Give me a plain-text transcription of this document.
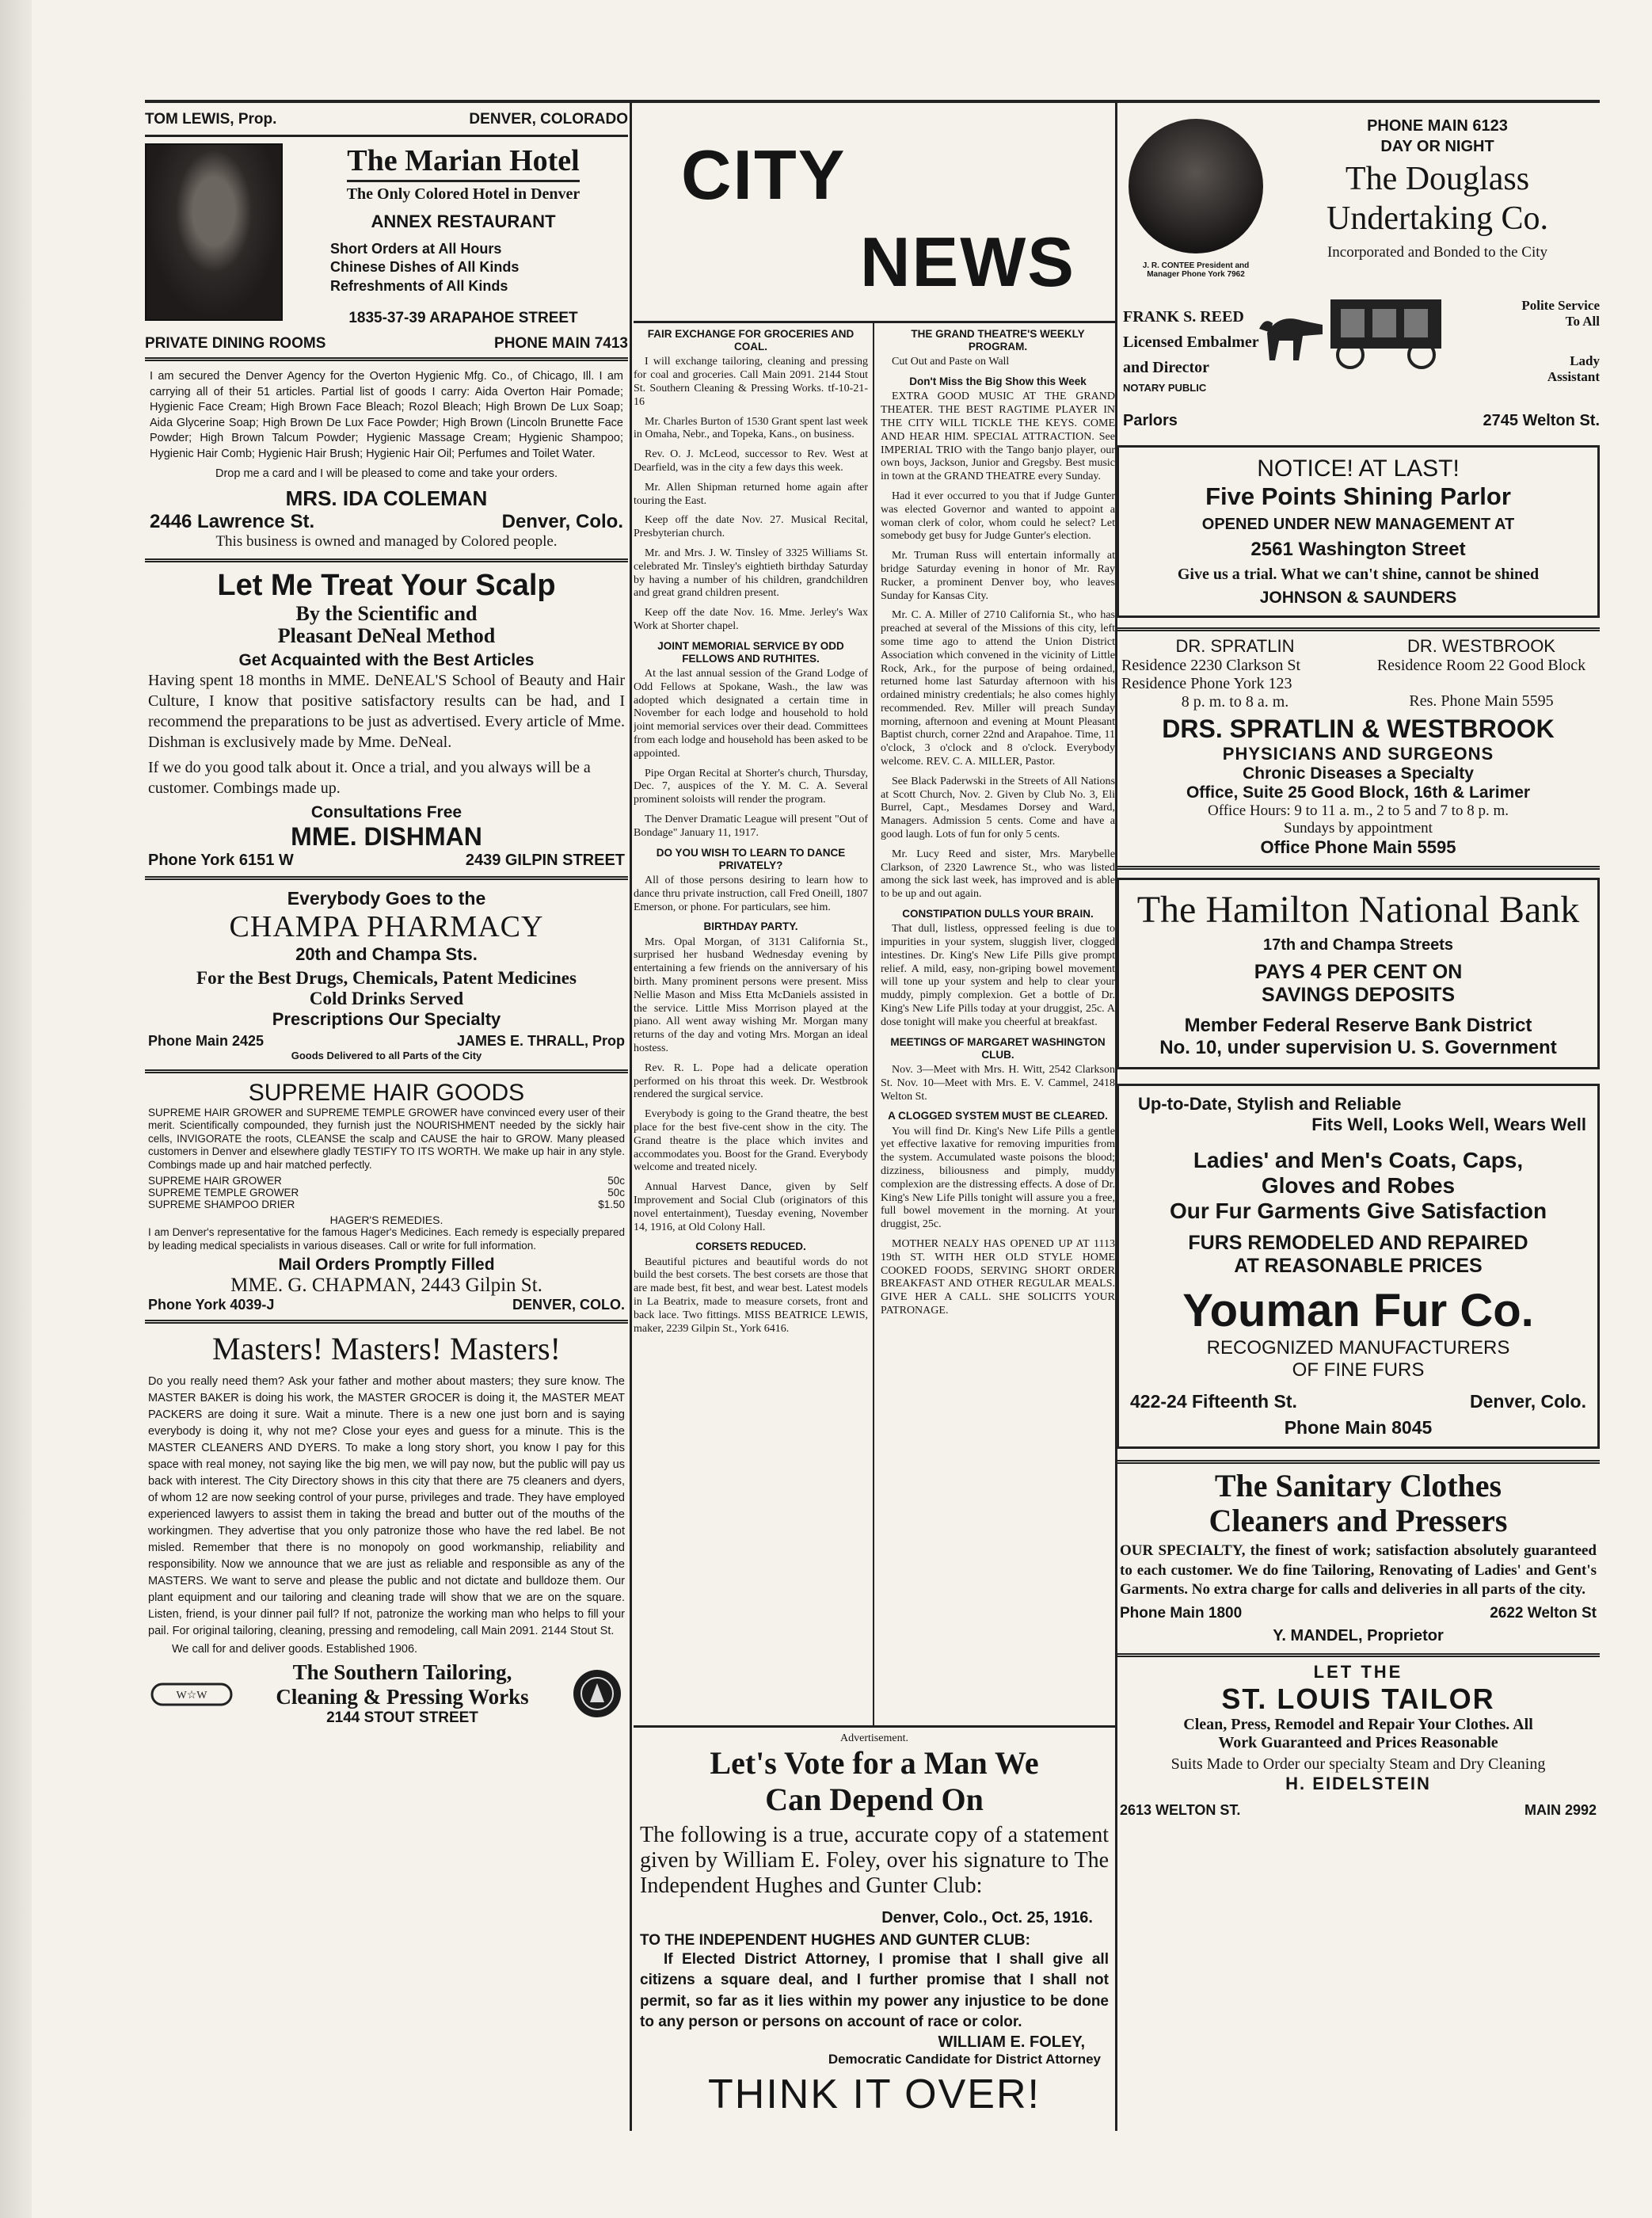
TOM LEWIS, Prop.	DENVER, COLORADO
The Marian Hotel
The Only Colored Hotel in Denver
ANNEX RESTAURANT
Short Orders at All Hours
Chinese Dishes of All Kinds
Refreshments of All Kinds
1835-37-39 ARAPAHOE STREET
PRIVATE DINING ROOMS	PHONE MAIN 7413
I am secured the Denver Agency for the Overton Hygienic Mfg. Co., of Chicago, Ill. I am carrying all of their 51 articles. Partial list of goods I carry: Aida Overton Hair Pomade; Hygienic Face Cream; High Brown Face Bleach; Rozol Bleach; High Brown De Lux Soap; Aida Glycerine Soap; High Brown De Lux Face Powder; High Brown (Lincoln Brunette Face Powder; High Brown Talcum Powder; Hygienic Massage Cream; Hygienic Shampoo; Hygienic Hair Comb; Hygienic Hair Brush; Hygienic Hair Oil; Perfumes and Toilet Water.
Drop me a card and I will be pleased to come and take your orders.
MRS. IDA COLEMAN
2446 Lawrence St.	Denver, Colo.
This business is owned and managed by Colored people.
Let Me Treat Your Scalp
By the Scientific and
Pleasant DeNeal Method
Get Acquainted with the Best Articles
Having spent 18 months in MME. DeNEAL'S School of Beauty and Hair Culture, I know that positive satisfactory results can be had, and I recommend the preparations to be just as advertised. Every article of Mme. Dishman is exclusively made by Mme. DeNeal.
If we do you good talk about it. Once a trial, and you always will be a customer. Combings made up.
Consultations Free
MME. DISHMAN
Phone York 6151 W	2439 GILPIN STREET
Everybody Goes to the
CHAMPA PHARMACY
20th and Champa Sts.
For the Best Drugs, Chemicals, Patent Medicines
Cold Drinks Served
Prescriptions Our Specialty
Phone Main 2425	JAMES E. THRALL, Prop
Goods Delivered to all Parts of the City
SUPREME HAIR GOODS
SUPREME HAIR GROWER and SUPREME TEMPLE GROWER have convinced every user of their merit. Scientifically compounded, they furnish just the NOURISHMENT needed by the sickly hair cells, INVIGORATE the roots, CLEANSE the scalp and CAUSE the hair to GROW. Many pleased customers in Denver and elsewhere gladly TESTIFY TO ITS WORTH. We make up hair in any style. Combings made up and hair matched perfectly.
SUPREME HAIR GROWER	50c
SUPREME TEMPLE GROWER	50c
SUPREME SHAMPOO DRIER	$1.50
HAGER'S REMEDIES.
I am Denver's representative for the famous Hager's Medicines. Each remedy is especially prepared by leading medical specialists in various diseases. Call or write for full information.
Mail Orders Promptly Filled
MME. G. CHAPMAN, 2443 Gilpin St.
Phone York 4039-J	DENVER, COLO.
Masters! Masters! Masters!
Do you really need them? Ask your father and mother about masters; they sure know. The MASTER BAKER is doing his work, the MASTER GROCER is doing it, the MASTER MEAT PACKERS are doing it sure. Wait a minute. There is a new one just born and is saying everybody is doing it, why not me? Close your eyes and guess for a minute. This is the MASTER CLEANERS AND DYERS. To make a long story short, you know I pay for this space with real money, not saying like the big men, we will pay now, but the public will pay us back with interest. The City Directory shows in this city that there are 75 cleaners and dyers, of whom 12 are now seeking control of your purse, privileges and trade. They have employed experienced lawyers to assist them in taking the bread and butter out of the mouths of the workingmen. They advertise that you only patronize those who have the red label. Be not misled. Remember that there is no monopoly on good workmanship, reliability and responsibility. Now we announce that we are just as reliable and responsible as any of the MASTERS. We want to serve and please the public and not dictate and bulldoze them. Our plant equipment and our tailoring and cleaning trade will show that we are on the square. Listen, friend, is your dinner pail full? If not, patronize the working man who helps to fill your pail. For original tailoring, cleaning, pressing and remodeling, call Main 2091. 2144 Stout St.
We call for and deliver goods. Established 1906.
W☆W
The Southern Tailoring,
Cleaning & Pressing Works
2144 STOUT STREET
CITY
NEWS
FAIR EXCHANGE FOR GROCERIES AND COAL.
I will exchange tailoring, cleaning and pressing for coal and groceries. Call Main 2091. 2144 Stout St. Southern Cleaning & Pressing Works. tf-10-21-16
Mr. Charles Burton of 1530 Grant spent last week in Omaha, Nebr., and Topeka, Kans., on business.
Rev. O. J. McLeod, successor to Rev. West at Dearfield, was in the city a few days this week.
Mr. Allen Shipman returned home again after touring the East.
Keep off the date Nov. 27. Musical Recital, Presbyterian church.
Mr. and Mrs. J. W. Tinsley of 3325 Williams St. celebrated Mr. Tinsley's eightieth birthday Saturday by having a number of his children, grandchildren and great grand children present.
Keep off the date Nov. 16. Mme. Jerley's Wax Work at Shorter chapel.
JOINT MEMORIAL SERVICE BY ODD FELLOWS AND RUTHITES.
At the last annual session of the Grand Lodge of Odd Fellows at Spokane, Wash., the law was adopted which designated a certain time in November for each lodge and household to hold joint memorial services over their dead. Committees from each lodge and household has been asked to be appointed.
Pipe Organ Recital at Shorter's church, Thursday, Dec. 7, auspices of the Y. M. C. A. Several prominent soloists will render the program.
The Denver Dramatic League will present "Out of Bondage" January 11, 1917.
DO YOU WISH TO LEARN TO DANCE PRIVATELY?
All of those persons desiring to learn how to dance thru private instruction, call Fred Oneill, 1807 Emerson, or phone. For particulars, see him.
BIRTHDAY PARTY.
Mrs. Opal Morgan, of 3131 California St., surprised her husband Wednesday evening by entertaining a few friends on the anniversary of his birth. Many prominent persons were present. Miss Nellie Mason and Miss Etta McDaniels assisted in the service. Little Miss Morrison played at the piano. All went away wishing Mr. Morgan many returns of the day and voting Mrs. Morgan an ideal hostess.
Rev. R. L. Pope had a delicate operation performed on his throat this week. Dr. Westbrook rendered the surgical service.
Everybody is going to the Grand theatre, the best place for the best five-cent show in the city. The Grand theatre is the place which invites and accommodates you. Boost for the Grand. Everybody welcome and treated nicely.
Annual Harvest Dance, given by Self Improvement and Social Club (originators of this novel entertainment), Tuesday evening, November 14, 1916, at Old Colony Hall.
CORSETS REDUCED.
Beautiful pictures and beautiful words do not build the best corsets. The best corsets are those that are made best, fit best, and wear best. Latest models in La Beatrix, made to measure corsets, front and back lace. Two fittings. MISS BEATRICE LEWIS, maker, 2239 Gilpin St., York 6416.
THE GRAND THEATRE'S WEEKLY PROGRAM.
Cut Out and Paste on Wall
Don't Miss the Big Show this Week
EXTRA GOOD MUSIC AT THE GRAND THEATER. THE BEST RAGTIME PLAYER IN THE CITY WILL TICKLE THE KEYS. COME AND HEAR HIM. SPECIAL ATTRACTION. See IMPERIAL TRIO with the Tango banjo player, our own boys, Jackson, Junior and Gregsby. Best music in town at the GRAND THEATRE every Sunday.
Had it ever occurred to you that if Judge Gunter was elected Governor and wanted to appoint a woman clerk of color, whom could he select? Let somebody get busy for Judge Gunter's election.
Mr. Truman Russ will entertain informally at bridge Saturday evening in honor of Mr. Ray Rucker, a prominent Denver boy, who leaves Sunday for Kansas City.
Mr. C. A. Miller of 2710 California St., who has preached at several of the Missions of this city, left some time ago to attend the Union District Association which convened in the vicinity of Little Rock, Ark., for the purpose of being ordained, returned home last Saturday afternoon with his ordained ministry credentials; he also comes highly recommended. Rev. Miller will preach Sunday morning, afternoon and evening at Mount Pleasant Baptist church, corner 22nd and Arapahoe. Time, 11 o'clock, 3 o'clock and 8 o'clock. Everybody welcome. REV. C. A. MILLER, Pastor.
See Black Paderwski in the Streets of All Nations at Scott Church, Nov. 2. Given by Club No. 3, Eli Burrel, Capt., Mesdames Dorsey and Ward, Managers. Admission 5 cents. Come and have a good laugh. Lots of fun for only 5 cents.
Mr. Lucy Reed and sister, Mrs. Marybelle Clarkson, of 2320 Lawrence St., who was listed among the sick last week, has improved and is able to be up and out again.
CONSTIPATION DULLS YOUR BRAIN.
That dull, listless, oppressed feeling is due to impurities in your system, sluggish liver, clogged intestines. Dr. King's New Life Pills give prompt relief. A mild, easy, non-griping bowel movement will tone up your system and help to clear your muddy, pimply complexion. Get a bottle of Dr. King's New Life Pills today at your druggist, 25c. A dose tonight will make you cheerful at breakfast.
MEETINGS OF MARGARET WASHINGTON CLUB.
Nov. 3—Meet with Mrs. H. Witt, 2542 Clarkson St. Nov. 10—Meet with Mrs. E. V. Cammel, 2418 Welton St.
A CLOGGED SYSTEM MUST BE CLEARED.
You will find Dr. King's New Life Pills a gentle yet effective laxative for removing impurities from the system. Accumulated waste poisons the blood; dizziness, biliousness and pimply, muddy complexion are the distressing effects. A dose of Dr. King's New Life Pills tonight will assure you a free, full bowel movement in the morning. At your druggist, 25c.
MOTHER NEALY HAS OPENED UP AT 1113 19th ST. WITH HER OLD STYLE HOME COOKED FOODS, SERVING SHORT ORDER BREAKFAST AND OTHER REGULAR MEALS. GIVE HER A CALL. SHE SOLICITS YOUR PATRONAGE.
Advertisement.
Let's Vote for a Man We
Can Depend On
The following is a true, accurate copy of a statement given by William E. Foley, over his signature to The Independent Hughes and Gunter Club:
Denver, Colo., Oct. 25, 1916.
TO THE INDEPENDENT HUGHES AND GUNTER CLUB:
If Elected District Attorney, I promise that I shall give all citizens a square deal, and I further promise that I shall not permit, so far as it lies within my power any injustice to be done to any person or persons on account of race or color.
WILLIAM E. FOLEY,
Democratic Candidate for District Attorney
THINK IT OVER!
J. R. CONTEE President and Manager Phone York 7962
PHONE MAIN 6123
DAY OR NIGHT
The Douglass
Undertaking Co.
Incorporated and Bonded to the City
FRANK S. REED
Licensed Embalmer
and Director
NOTARY PUBLIC
Polite Service To All
Lady Assistant
Parlors	2745 Welton St.
NOTICE! AT LAST!
Five Points Shining Parlor
OPENED UNDER NEW MANAGEMENT AT
2561 Washington Street
Give us a trial. What we can't shine, cannot be shined
JOHNSON & SAUNDERS
DR. SPRATLIN
Residence 2230 Clarkson St
Residence Phone York 123
8 p. m. to 8 a. m.
DR. WESTBROOK
Residence Room 22 Good Block
Res. Phone Main 5595
DRS. SPRATLIN & WESTBROOK
PHYSICIANS AND SURGEONS
Chronic Diseases a Specialty
Office, Suite 25 Good Block, 16th & Larimer
Office Hours: 9 to 11 a. m., 2 to 5 and 7 to 8 p. m.
Sundays by appointment
Office Phone Main 5595
The Hamilton National Bank
17th and Champa Streets
PAYS 4 PER CENT ON
SAVINGS DEPOSITS
Member Federal Reserve Bank District
No. 10, under supervision U. S. Government
Up-to-Date, Stylish and Reliable
Fits Well, Looks Well, Wears Well
Ladies' and Men's Coats, Caps,
Gloves and Robes
Our Fur Garments Give Satisfaction
FURS REMODELED AND REPAIRED
AT REASONABLE PRICES
Youman Fur Co.
RECOGNIZED MANUFACTURERS
OF FINE FURS
422-24 Fifteenth St.	Denver, Colo.
Phone Main 8045
The Sanitary Clothes
Cleaners and Pressers
OUR SPECIALTY, the finest of work; satisfaction absolutely guaranteed to each customer. We do fine Tailoring, Renovating of Ladies' and Gent's Garments. No extra charge for calls and deliveries in all parts of the city.
Phone Main 1800	2622 Welton St
Y. MANDEL, Proprietor
LET THE
ST. LOUIS TAILOR
Clean, Press, Remodel and Repair Your Clothes. All
Work Guaranteed and Prices Reasonable
Suits Made to Order our specialty Steam and Dry Cleaning
H. EIDELSTEIN
2613 WELTON ST.	MAIN 2992
